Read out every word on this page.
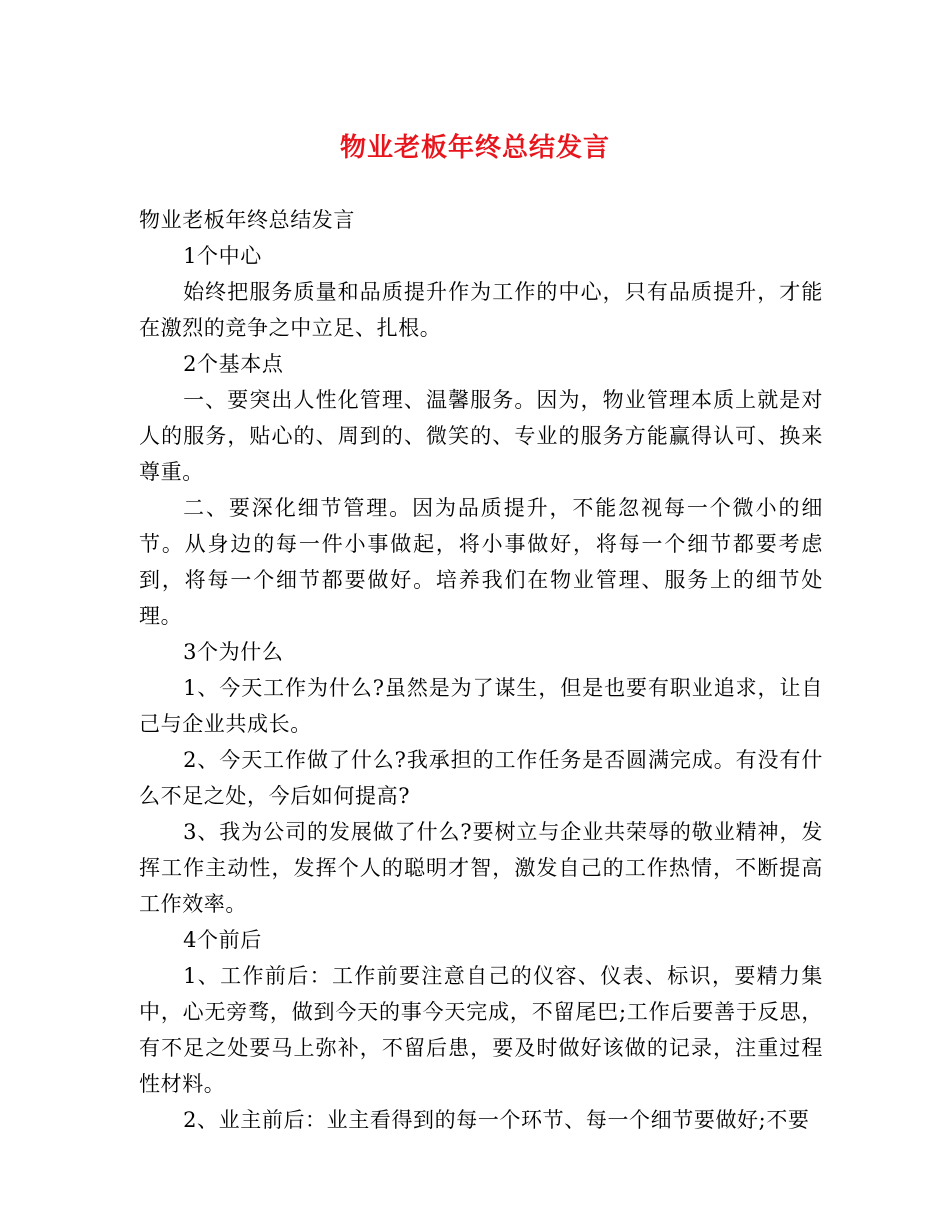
物业老板年终总结发言

物业老板年终总结发言

1个中心

始终把服务质量和品质提升作为工作的中心，只有品质提升，才能在激烈的竞争之中立足、扎根。

2个基本点

一、要突出人性化管理、温馨服务。因为，物业管理本质上就是对人的服务，贴心的、周到的、微笑的、专业的服务方能赢得认可、换来尊重。

二、要深化细节管理。因为品质提升，不能忽视每一个微小的细节。从身边的每一件小事做起，将小事做好，将每一个细节都要考虑到，将每一个细节都要做好。培养我们在物业管理、服务上的细节处理。

3个为什么

1、今天工作为什么?虽然是为了谋生，但是也要有职业追求，让自己与企业共成长。

2、今天工作做了什么?我承担的工作任务是否圆满完成。有没有什么不足之处，今后如何提高?

3、我为公司的发展做了什么?要树立与企业共荣辱的敬业精神，发挥工作主动性，发挥个人的聪明才智，激发自己的工作热情，不断提高工作效率。

4个前后

1、工作前后：工作前要注意自己的仪容、仪表、标识，要精力集中，心无旁骛，做到今天的事今天完成，不留尾巴;工作后要善于反思，有不足之处要马上弥补，不留后患，要及时做好该做的记录，注重过程性材料。

2、业主前后：业主看得到的每一个环节、每一个细节要做好;不要
